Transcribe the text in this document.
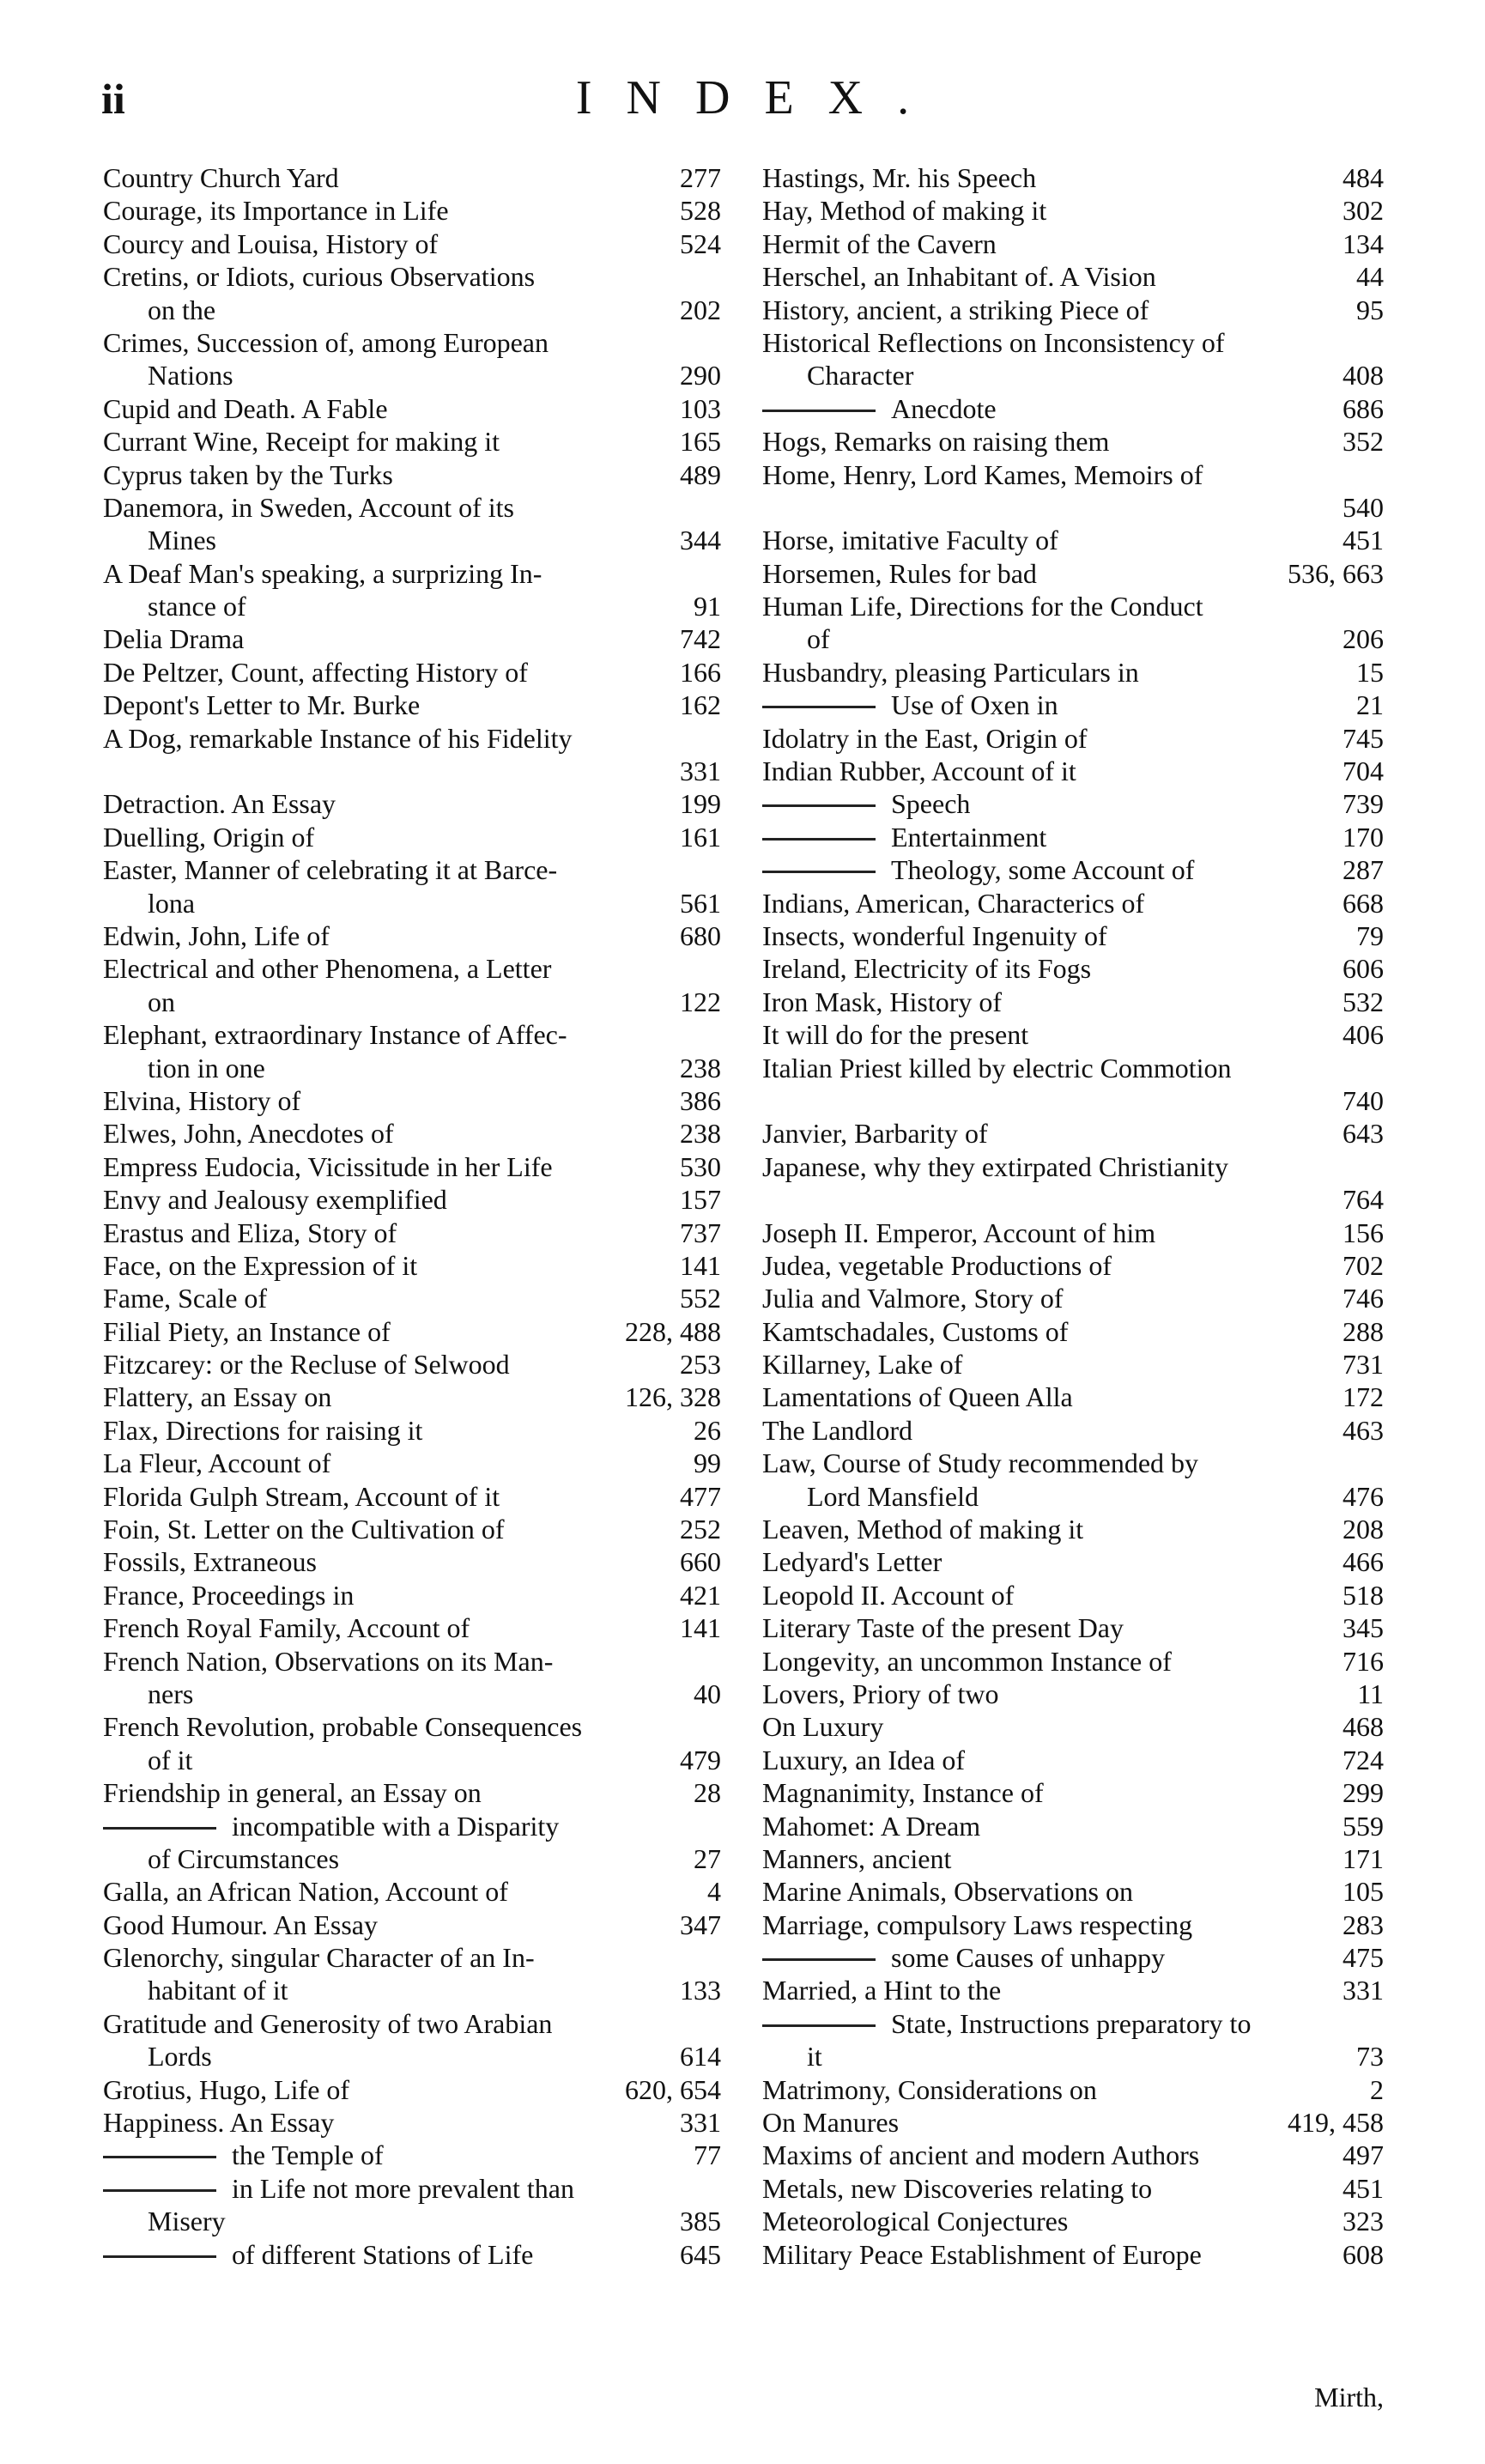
ii	INDEX.
Country Church Yard	277
Courage, its Importance in Life	528
Courcy and Louisa, History of	524
Cretins, or Idiots, curious Observations
on the	202
Crimes, Succession of, among European
Nations	290
Cupid and Death. A Fable	103
Currant Wine, Receipt for making it	165
Cyprus taken by the Turks	489
Danemora, in Sweden, Account of its
Mines	344
A Deaf Man's speaking, a surprizing In-
stance of	91
Delia Drama	742
De Peltzer, Count, affecting History of	166
Depont's Letter to Mr. Burke	162
A Dog, remarkable Instance of his Fidelity
331
Detraction. An Essay	199
Duelling, Origin of	161
Easter, Manner of celebrating it at Barce-
lona	561
Edwin, John, Life of	680
Electrical and other Phenomena, a Letter
on	122
Elephant, extraordinary Instance of Affec-
tion in one	238
Elvina, History of	386
Elwes, John, Anecdotes of	238
Empress Eudocia, Vicissitude in her Life	530
Envy and Jealousy exemplified	157
Erastus and Eliza, Story of	737
Face, on the Expression of it	141
Fame, Scale of	552
Filial Piety, an Instance of	228, 488
Fitzcarey: or the Recluse of Selwood	253
Flattery, an Essay on	126, 328
Flax, Directions for raising it	26
La Fleur, Account of	99
Florida Gulph Stream, Account of it	477
Foin, St. Letter on the Cultivation of	252
Fossils, Extraneous	660
France, Proceedings in	421
French Royal Family, Account of	141
French Nation, Observations on its Man-
ners	40
French Revolution, probable Consequences
of it	479
Friendship in general, an Essay on	28
incompatible with a Disparity
of Circumstances	27
Galla, an African Nation, Account of	4
Good Humour. An Essay	347
Glenorchy, singular Character of an In-
habitant of it	133
Gratitude and Generosity of two Arabian
Lords	614
Grotius, Hugo, Life of	620, 654
Happiness. An Essay	331
the Temple of	77
in Life not more prevalent than
Misery	385
of different Stations of Life	645
Hastings, Mr. his Speech	484
Hay, Method of making it	302
Hermit of the Cavern	134
Herschel, an Inhabitant of. A Vision	44
History, ancient, a striking Piece of	95
Historical Reflections on Inconsistency of
Character	408
Anecdote	686
Hogs, Remarks on raising them	352
Home, Henry, Lord Kames, Memoirs of
540
Horse, imitative Faculty of	451
Horsemen, Rules for bad	536, 663
Human Life, Directions for the Conduct
of	206
Husbandry, pleasing Particulars in	15
Use of Oxen in	21
Idolatry in the East, Origin of	745
Indian Rubber, Account of it	704
Speech	739
Entertainment	170
Theology, some Account of	287
Indians, American, Characterics of	668
Insects, wonderful Ingenuity of	79
Ireland, Electricity of its Fogs	606
Iron Mask, History of	532
It will do for the present	406
Italian Priest killed by electric Commotion
740
Janvier, Barbarity of	643
Japanese, why they extirpated Christianity
764
Joseph II. Emperor, Account of him	156
Judea, vegetable Productions of	702
Julia and Valmore, Story of	746
Kamtschadales, Customs of	288
Killarney, Lake of	731
Lamentations of Queen Alla	172
The Landlord	463
Law, Course of Study recommended by
Lord Mansfield	476
Leaven, Method of making it	208
Ledyard's Letter	466
Leopold II. Account of	518
Literary Taste of the present Day	345
Longevity, an uncommon Instance of	716
Lovers, Priory of two	11
On Luxury	468
Luxury, an Idea of	724
Magnanimity, Instance of	299
Mahomet: A Dream	559
Manners, ancient	171
Marine Animals, Observations on	105
Marriage, compulsory Laws respecting	283
some Causes of unhappy	475
Married, a Hint to the	331
State, Instructions preparatory to
it	73
Matrimony, Considerations on	2
On Manures	419, 458
Maxims of ancient and modern Authors	497
Metals, new Discoveries relating to	451
Meteorological Conjectures	323
Military Peace Establishment of Europe	608
Mirth,
